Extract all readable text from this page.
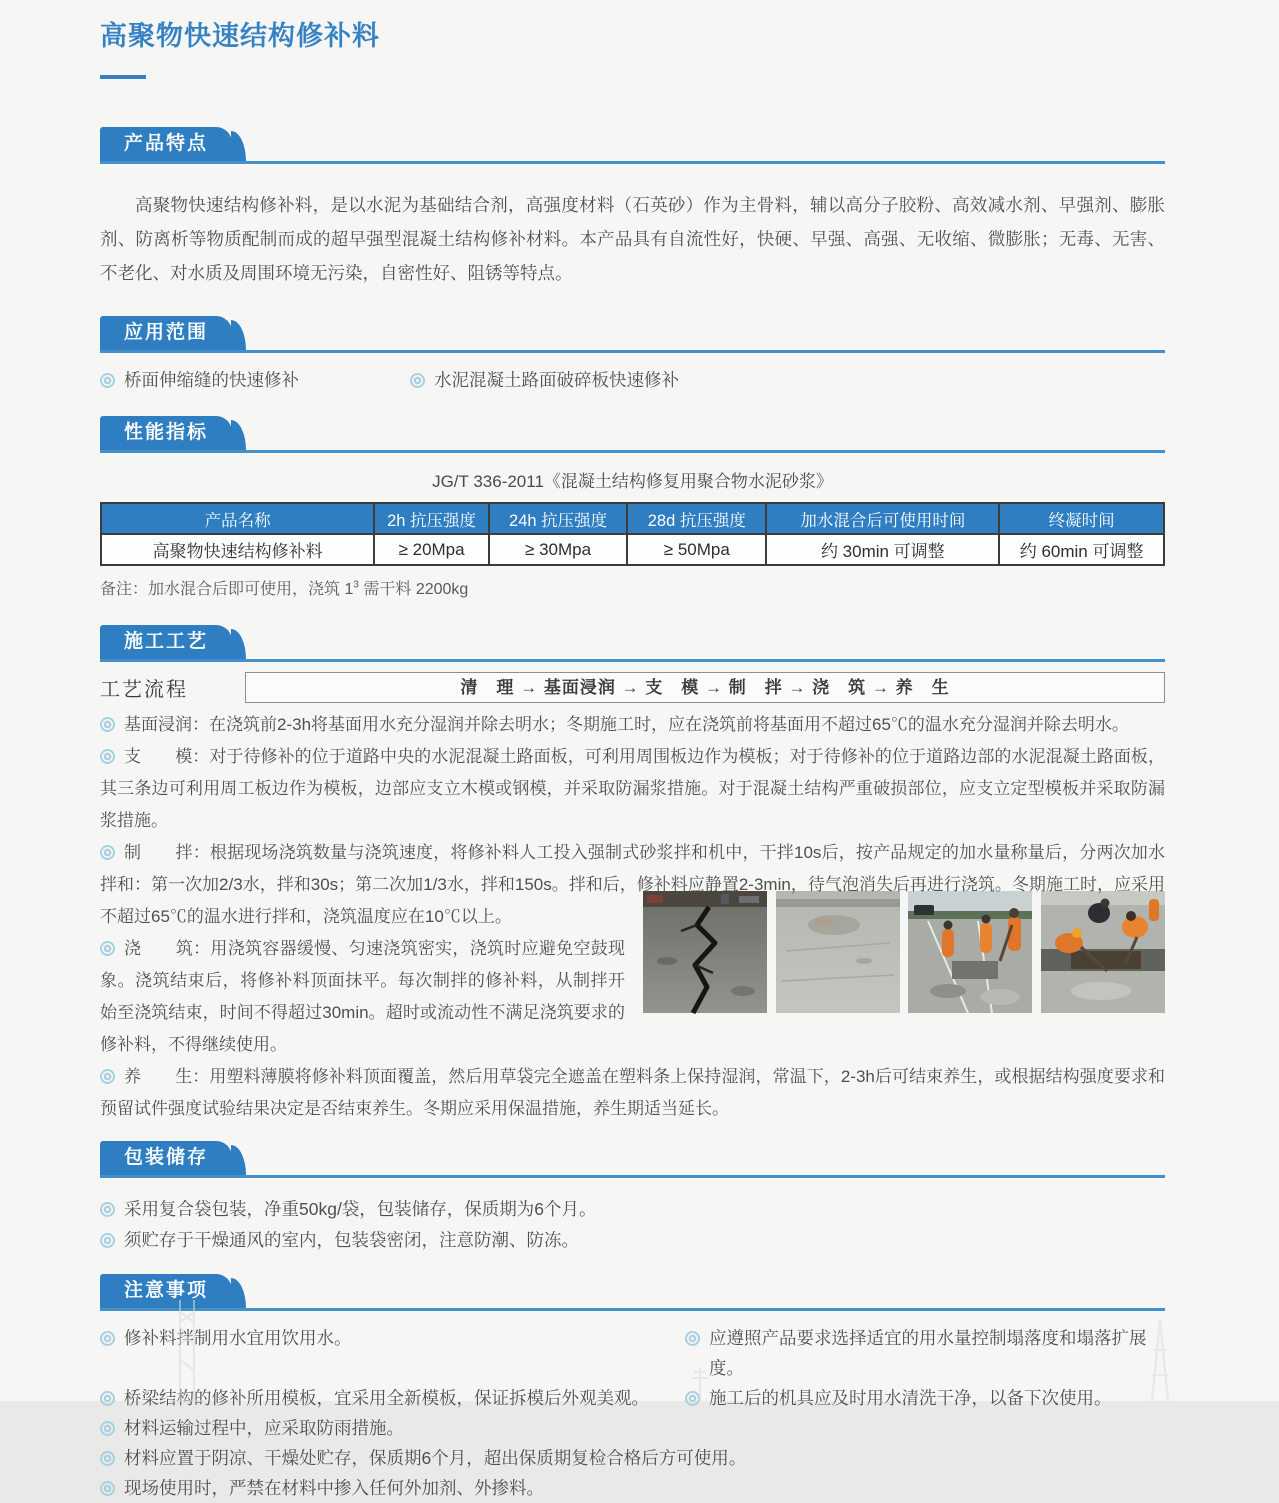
高聚物快速结构修补料
产品特点

高聚物快速结构修补料，是以水泥为基础结合剂，高强度材料（石英砂）作为主骨料，辅以高分子胶粉、高效减水剂、早强剂、膨胀剂、防离析等物质配制而成的超早强型混凝土结构修补材料。本产品具有自流性好，快硬、早强、高强、无收缩、微膨胀；无毒、无害、不老化、对水质及周围环境无污染，自密性好、阻锈等特点。

应用范围
桥面伸缩缝的快速修补	水泥混凝土路面破碎板快速修补
性能指标
JG/T 336-2011《混凝土结构修复用聚合物水泥砂浆》
产品名称	2h 抗压强度	24h 抗压强度	28d 抗压强度	加水混合后可使用时间	终凝时间
高聚物快速结构修补料	≥ 20Mpa	≥ 30Mpa	≥ 50Mpa	约 30min 可调整	约 60min 可调整
备注：加水混合后即可使用，浇筑 $1^3$ 需干料 2200kg
施工工艺
工艺流程	清　理 → 基面浸润 → 支　模 → 制　拌 → 浇　筑 → 养　生
基面浸润：在浇筑前2-3h将基面用水充分湿润并除去明水；冬期施工时，应在浇筑前将基面用不超过65℃的温水充分湿润并除去明水。
支　　模：对于待修补的位于道路中央的水泥混凝土路面板，可利用周围板边作为模板；对于待修补的位于道路边部的水泥混凝土路面板，其三条边可利用周工板边作为模板，边部应支立木模或钢模，并采取防漏浆措施。对于混凝土结构严重破损部位，应支立定型模板并采取防漏浆措施。
制　　拌：根据现场浇筑数量与浇筑速度，将修补料人工投入强制式砂浆拌和机中，干拌10s后，按产品规定的加水量称量后，分两次加水拌和：第一次加2/3水，拌和30s；第二次加1/3水，拌和150s。拌和后，修补料应静置2-3min，待气泡消失后再进行浇筑。冬期施工时，应采用不超过65℃的温水进行拌和，浇筑温度应在10℃以上。
浇　　筑：用浇筑容器缓慢、匀速浇筑密实，浇筑时应避免空鼓现象。浇筑结束后，将修补料顶面抹平。每次制拌的修补料，从制拌开始至浇筑结束，时间不得超过30min。超时或流动性不满足浇筑要求的修补料，不得继续使用。
养　　生：用塑料薄膜将修补料顶面覆盖，然后用草袋完全遮盖在塑料条上保持湿润，常温下，2-3h后可结束养生，或根据结构强度要求和预留试件强度试验结果决定是否结束养生。冬期应采用保温措施，养生期适当延长。
包装储存
采用复合袋包装，净重50kg/袋，包装储存，保质期为6个月。
须贮存于干燥通风的室内，包装袋密闭，注意防潮、防冻。
注意事项
修补料拌制用水宜用饮用水。	应遵照产品要求选择适宜的用水量控制塌落度和塌落扩展度。
桥梁结构的修补所用模板，宜采用全新模板，保证拆模后外观美观。	施工后的机具应及时用水清洗干净，以备下次使用。
材料运输过程中，应采取防雨措施。
材料应置于阴凉、干燥处贮存，保质期6个月，超出保质期复检合格后方可使用。
现场使用时，严禁在材料中掺入任何外加剂、外掺料。
